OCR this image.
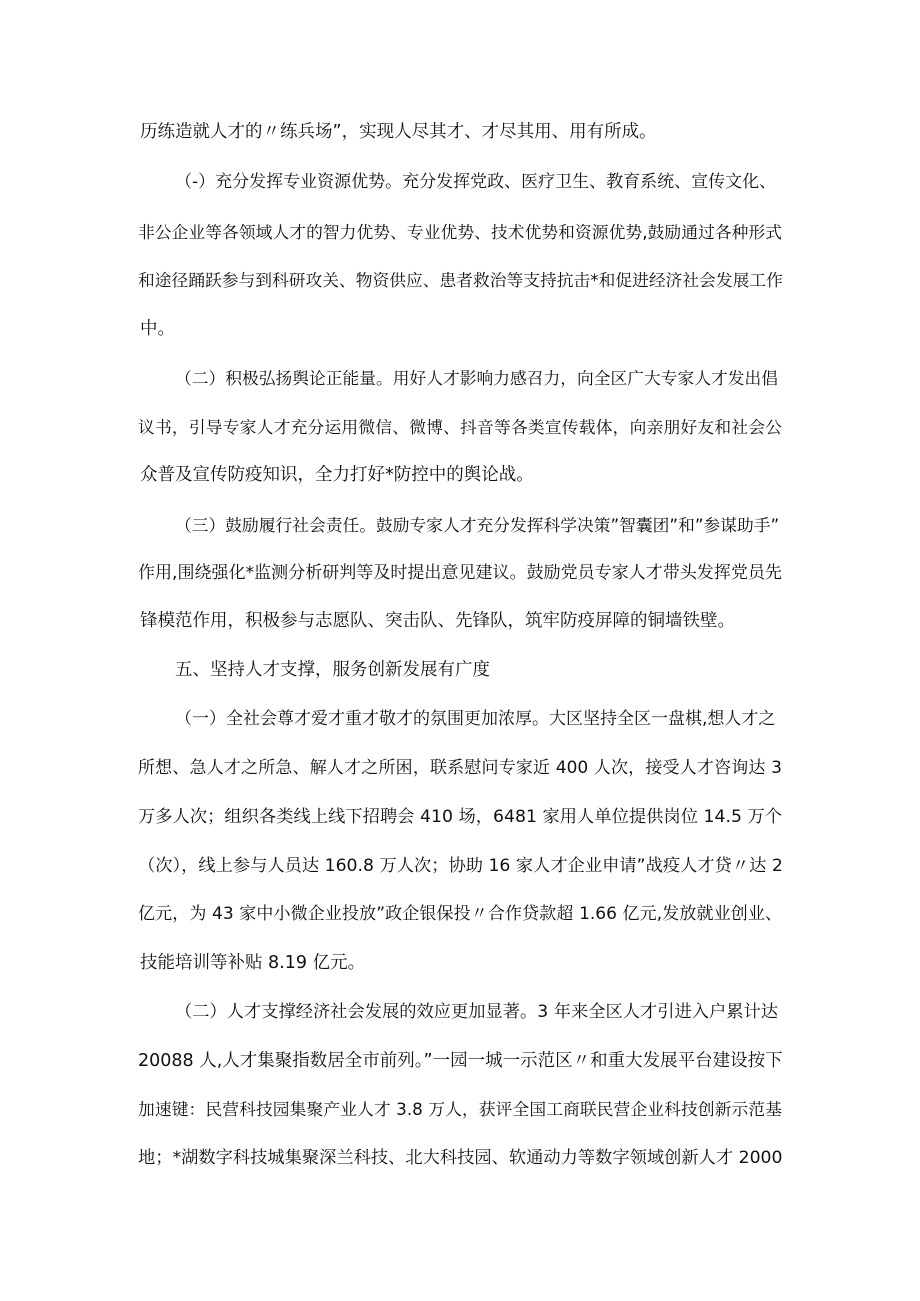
历练造就人才的〃练兵场”，实现人尽其才、才尽其用、用有所成。
（-）充分发挥专业资源优势。充分发挥党政、医疗卫生、教育系统、宣传文化、
非公企业等各领域人才的智力优势、专业优势、技术优势和资源优势,鼓励通过各种形式
和途径踊跃参与到科研攻关、物资供应、患者救治等支持抗击*和促进经济社会发展工作
中。
（二）积极弘扬舆论正能量。用好人才影响力感召力，向全区广大专家人才发出倡
议书，引导专家人才充分运用微信、微博、抖音等各类宣传载体，向亲朋好友和社会公
众普及宣传防疫知识，全力打好*防控中的舆论战。
（三）鼓励履行社会责任。鼓励专家人才充分发挥科学决策”智囊团”和”参谋助手”
作用,围绕强化*监测分析研判等及时提出意见建议。鼓励党员专家人才带头发挥党员先
锋模范作用，积极参与志愿队、突击队、先锋队，筑牢防疫屏障的铜墙铁壁。
五、坚持人才支撑，服务创新发展有广度
（一）全社会尊才爱才重才敬才的氛围更加浓厚。大区坚持全区一盘棋,想人才之
所想、急人才之所急、解人才之所困，联系慰问专家近 400 人次，接受人才咨询达 3
万多人次；组织各类线上线下招聘会 410 场，6481 家用人单位提供岗位 14.5 万个
（次），线上参与人员达 160.8 万人次；协助 16 家人才企业申请”战疫人才贷〃达 2
亿元，为 43 家中小微企业投放”政企银保投〃合作贷款超 1.66 亿元,发放就业创业、
技能培训等补贴 8.19 亿元。
（二）人才支撑经济社会发展的效应更加显著。3 年来全区人才引进入户累计达
20088 人,人才集聚指数居全市前列。”一园一城一示范区〃和重大发展平台建设按下
加速键：民营科技园集聚产业人才 3.8 万人，获评全国工商联民营企业科技创新示范基
地；*湖数字科技城集聚深兰科技、北大科技园、软通动力等数字领域创新人才 2000
